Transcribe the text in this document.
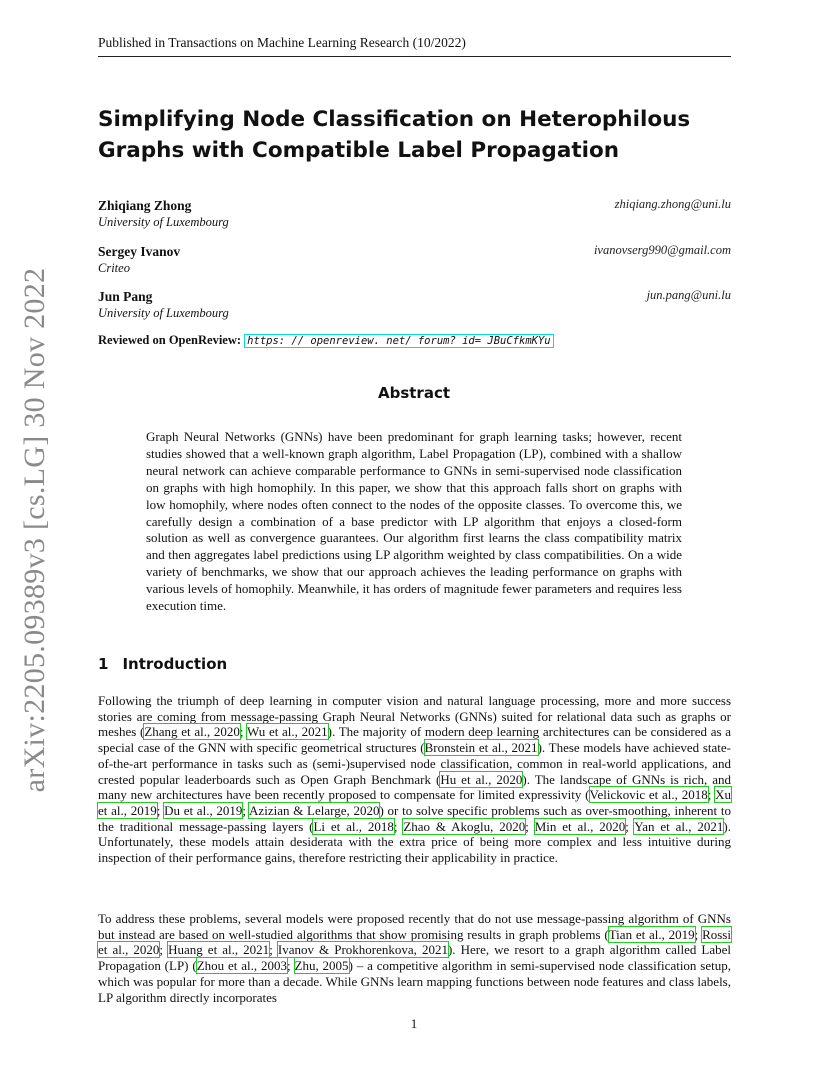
arXiv:2205.09389v3 [cs.LG] 30 Nov 2022
Published in Transactions on Machine Learning Research (10/2022)
Simplifying Node Classification on Heterophilous Graphs with Compatible Label Propagation
Zhiqiang Zhong	zhiqiang.zhong@uni.lu
University of Luxembourg
Sergey Ivanov	ivanovserg990@gmail.com
Criteo
Jun Pang	jun.pang@uni.lu
University of Luxembourg
Reviewed on OpenReview: https: // openreview. net/ forum? id= JBuCfkmKYu
Abstract

Graph Neural Networks (GNNs) have been predominant for graph learning tasks; however, recent studies showed that a well-known graph algorithm, Label Propagation (LP), combined with a shallow neural network can achieve comparable performance to GNNs in semi-supervised node classification on graphs with high homophily. In this paper, we show that this approach falls short on graphs with low homophily, where nodes often connect to the nodes of the opposite classes. To overcome this, we carefully design a combination of a base predictor with LP algorithm that enjoys a closed-form solution as well as convergence guarantees. Our algorithm first learns the class compatibility matrix and then aggregates label predictions using LP algorithm weighted by class compatibilities. On a wide variety of benchmarks, we show that our approach achieves the leading performance on graphs with various levels of homophily. Meanwhile, it has orders of magnitude fewer parameters and requires less execution time.

1 Introduction

Following the triumph of deep learning in computer vision and natural language processing, more and more success stories are coming from message-passing Graph Neural Networks (GNNs) suited for relational data such as graphs or meshes (Zhang et al., 2020; Wu et al., 2021). The majority of modern deep learning architectures can be considered as a special case of the GNN with specific geometrical structures (Bronstein et al., 2021). These models have achieved state-of-the-art performance in tasks such as (semi-)supervised node classification, common in real-world applications, and crested popular leaderboards such as Open Graph Benchmark (Hu et al., 2020). The landscape of GNNs is rich, and many new architectures have been recently proposed to compensate for limited expressivity (Velickovic et al., 2018; Xu et al., 2019; Du et al., 2019; Azizian & Lelarge, 2020) or to solve specific problems such as over-smoothing, inherent to the traditional message-passing layers (Li et al., 2018; Zhao & Akoglu, 2020; Min et al., 2020; Yan et al., 2021). Unfortunately, these models attain desiderata with the extra price of being more complex and less intuitive during inspection of their performance gains, therefore restricting their applicability in practice.

To address these problems, several models were proposed recently that do not use message-passing algorithm of GNNs but instead are based on well-studied algorithms that show promising results in graph problems (Tian et al., 2019; Rossi et al., 2020; Huang et al., 2021; Ivanov & Prokhorenkova, 2021). Here, we resort to a graph algorithm called Label Propagation (LP) (Zhou et al., 2003; Zhu, 2005) – a competitive algorithm in semi-supervised node classification setup, which was popular for more than a decade. While GNNs learn mapping functions between node features and class labels, LP algorithm directly incorporates

1
